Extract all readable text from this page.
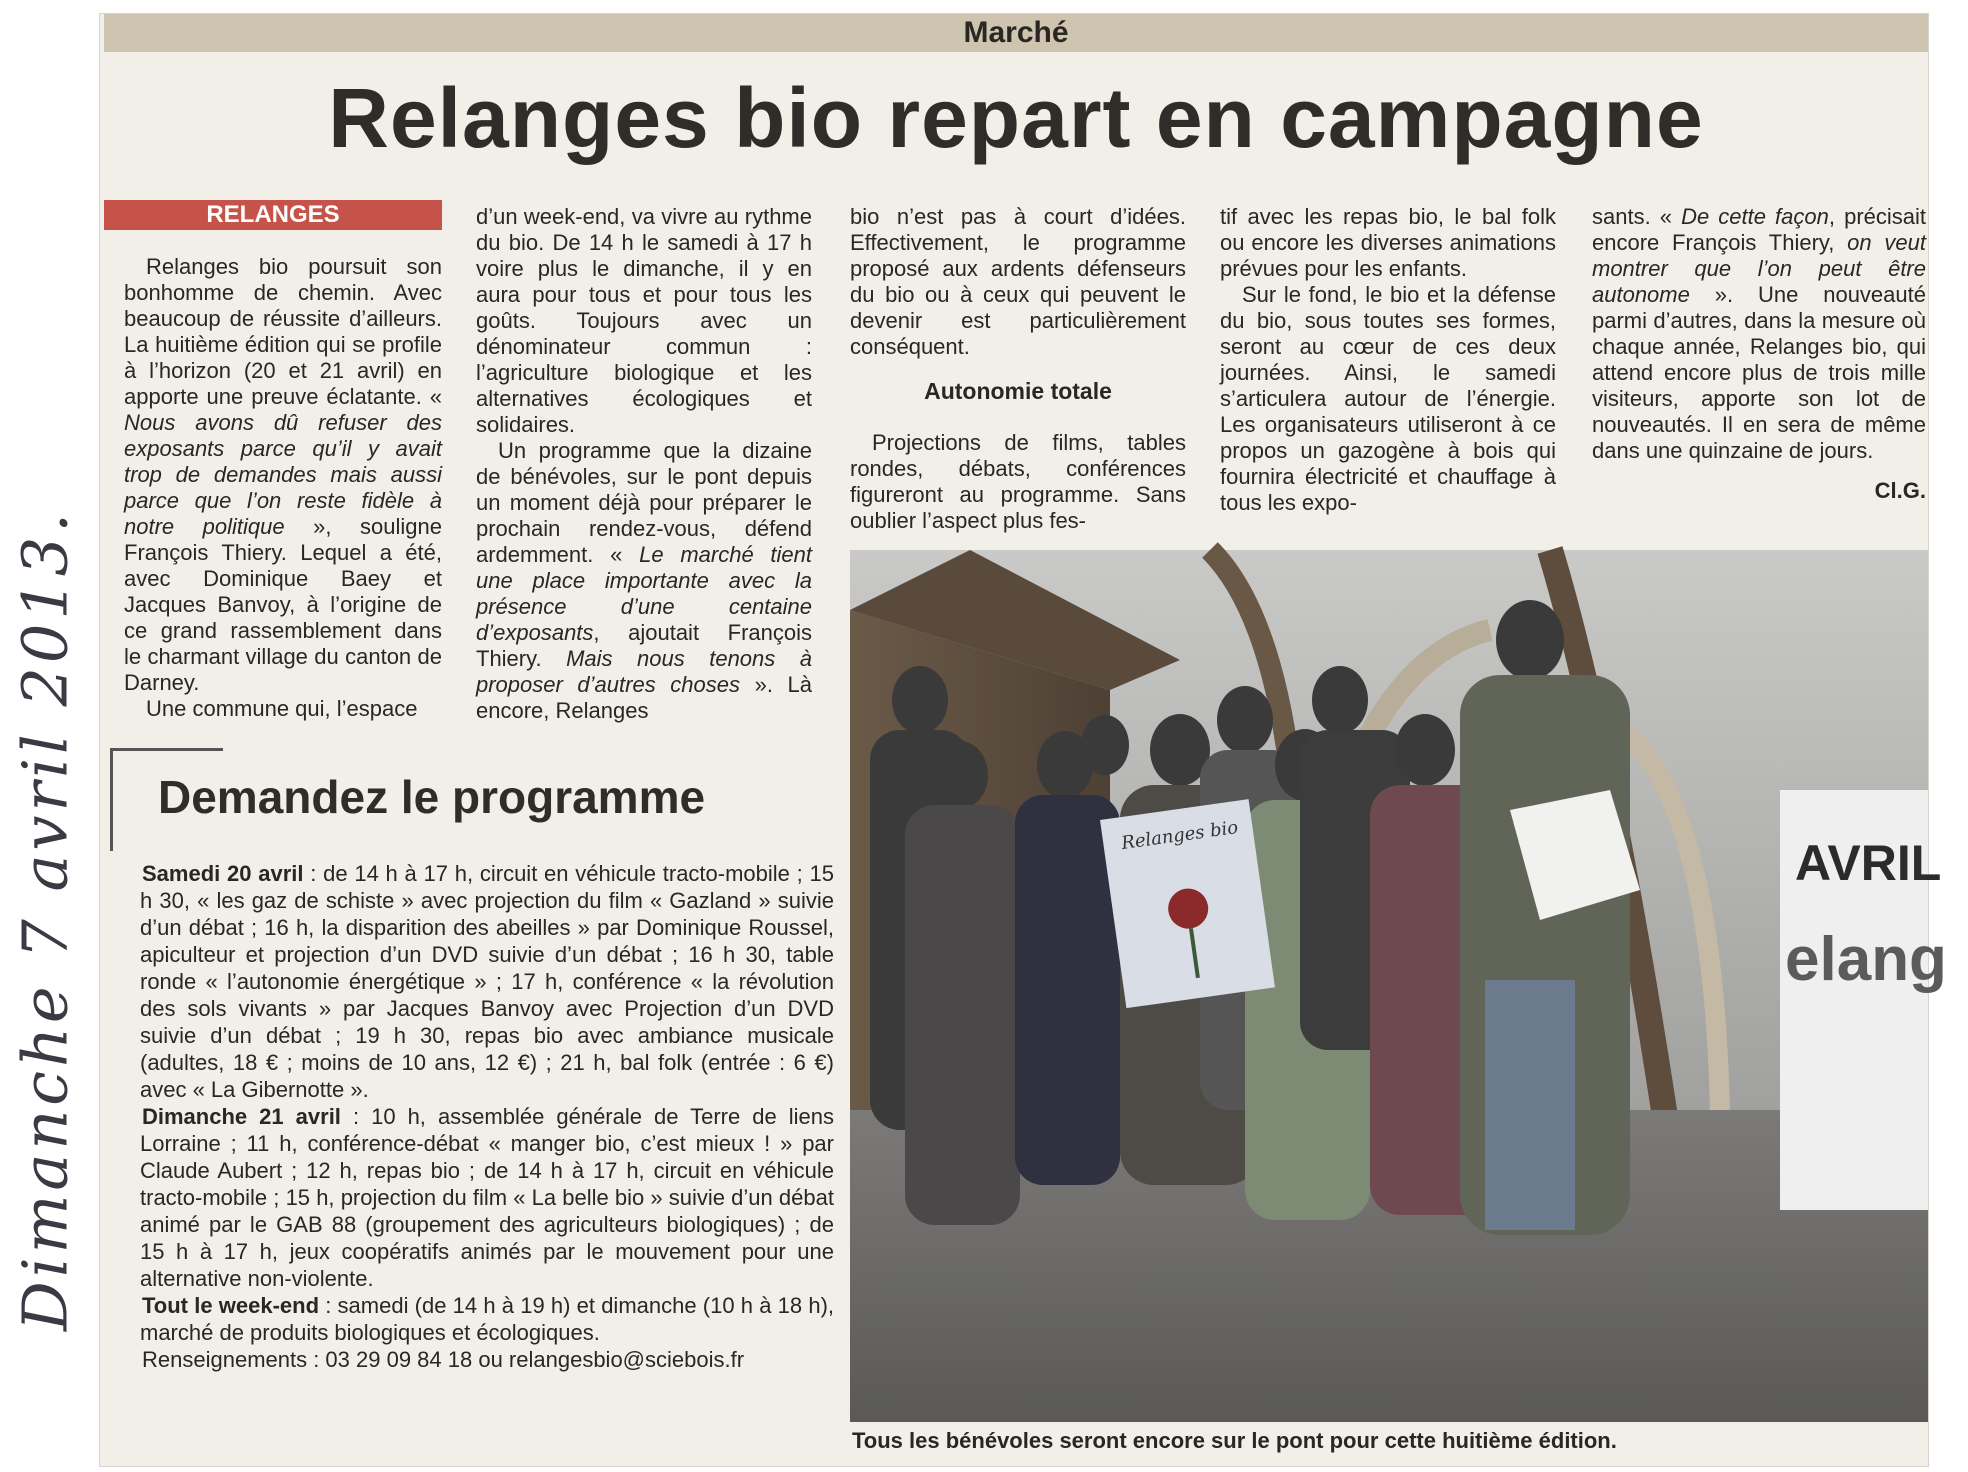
Dimanche 7 avril 2013.
Marché
Relanges bio repart en campagne
RELANGES

Relanges bio poursuit son bonhomme de chemin. Avec beaucoup de réussite d’ailleurs. La huitième édition qui se profile à l’horizon (20 et 21 avril) en apporte une preuve éclatante. « Nous avons dû refuser des exposants parce qu’il y avait trop de demandes mais aussi parce que l’on reste fidèle à notre politique », souligne François Thiery. Lequel a été, avec Dominique Baey et Jacques Banvoy, à l’origine de ce grand rassemblement dans le charmant village du canton de Darney.

Une commune qui, l’espace

d’un week-end, va vivre au rythme du bio. De 14 h le samedi à 17 h voire plus le dimanche, il y en aura pour tous et pour tous les goûts. Toujours avec un dénominateur commun : l’agriculture biologique et les alternatives écologiques et solidaires.

Un programme que la dizaine de bénévoles, sur le pont depuis un moment déjà pour préparer le prochain rendez-vous, défend ardemment. « Le marché tient une place importante avec la présence d’une centaine d’exposants, ajoutait François Thiery. Mais nous tenons à proposer d’autres choses ». Là encore, Relanges

bio n’est pas à court d’idées. Effectivement, le programme proposé aux ardents défenseurs du bio ou à ceux qui peuvent le devenir est particulièrement conséquent.

Autonomie totale

Projections de films, tables rondes, débats, conférences figureront au programme. Sans oublier l’aspect plus fes-

tif avec les repas bio, le bal folk ou encore les diverses animations prévues pour les enfants.

Sur le fond, le bio et la défense du bio, sous toutes ses formes, seront au cœur de ces deux journées. Ainsi, le samedi s’articulera autour de l’énergie. Les organisateurs utiliseront à ce propos un gazogène à bois qui fournira électricité et chauffage à tous les expo-

sants. « De cette façon, précisait encore François Thiery, on veut montrer que l’on peut être autonome ». Une nouveauté parmi d’autres, dans la mesure où chaque année, Relanges bio, qui attend encore plus de trois mille visiteurs, apporte son lot de nouveautés. Il en sera de même dans une quinzaine de jours.

Cl.G.

Demandez le programme

Samedi 20 avril : de 14 h à 17 h, circuit en véhicule tracto-mobile ; 15 h 30, « les gaz de schiste » avec projection du film « Gazland » suivie d’un débat ; 16 h, la disparition des abeilles » par Dominique Roussel, apiculteur et projection d’un DVD suivie d’un débat ; 16 h 30, table ronde « l’autonomie énergétique » ; 17 h, conférence « la révolution des sols vivants » par Jacques Banvoy avec Projection d’un DVD suivie d’un débat ; 19 h 30, repas bio avec ambiance musicale (adultes, 18 € ; moins de 10 ans, 12 €) ; 21 h, bal folk (entrée : 6 €) avec « La Gibernotte ».

Dimanche 21 avril : 10 h, assemblée générale de Terre de liens Lorraine ; 11 h, conférence-débat « manger bio, c’est mieux ! » par Claude Aubert ; 12 h, repas bio ; de 14 h à 17 h, circuit en véhicule tracto-mobile ; 15 h, projection du film « La belle bio » suivie d’un débat animé par le GAB 88 (groupement des agriculteurs biologiques) ; de 15 h à 17 h, jeux coopératifs animés par le mouvement pour une alternative non-violente.

Tout le week-end : samedi (de 14 h à 19 h) et dimanche (10 h à 18 h), marché de produits biologiques et écologiques.

Renseignements : 03 29 09 84 18 ou relangesbio@sciebois.fr

AVRIL
elang
Relanges bio
Tous les bénévoles seront encore sur le pont pour cette huitième édition.
